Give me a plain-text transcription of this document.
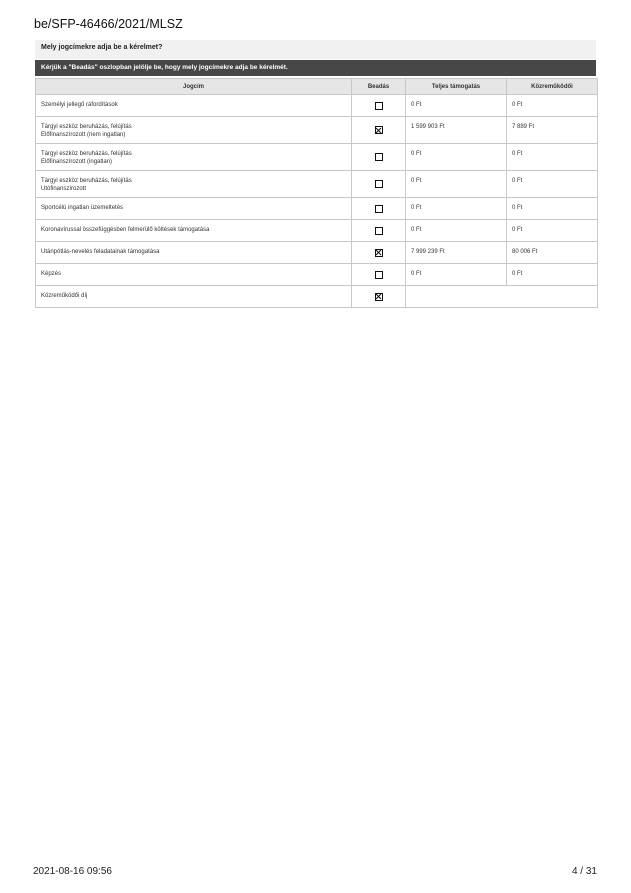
be/SFP-46466/2021/MLSZ
Mely jogcímekre adja be a kérelmet?
Kérjük a "Beadás" oszlopban jelölje be, hogy mely jogcímekre adja be kérelmét.
Jogcím	Beadás	Teljes támogatás	Közreműködői

Személyi jellegű ráfordítások		0 Ft	0 Ft

Tárgyi eszköz beruházás, felújítás
Előfinanszírozott (nem ingatlan)		1 599 903 Ft	7 889 Ft

Tárgyi eszköz beruházás, felújítás
Előfinanszírozott (ingatlan)		0 Ft	0 Ft

Tárgyi eszköz beruházás, felújítás
Utófinanszírozott		0 Ft	0 Ft

Sportcélú ingatlan üzemeltetés		0 Ft	0 Ft

Koronavírussal összefüggésben felmerülő költések támogatása		0 Ft	0 Ft

Utánpótlás-nevelés feladatainak támogatása		7 999 239 Ft	80 006 Ft

Képzés		0 Ft	0 Ft

Közreműködői díj			

2021-08-16 09:56	4 / 31
